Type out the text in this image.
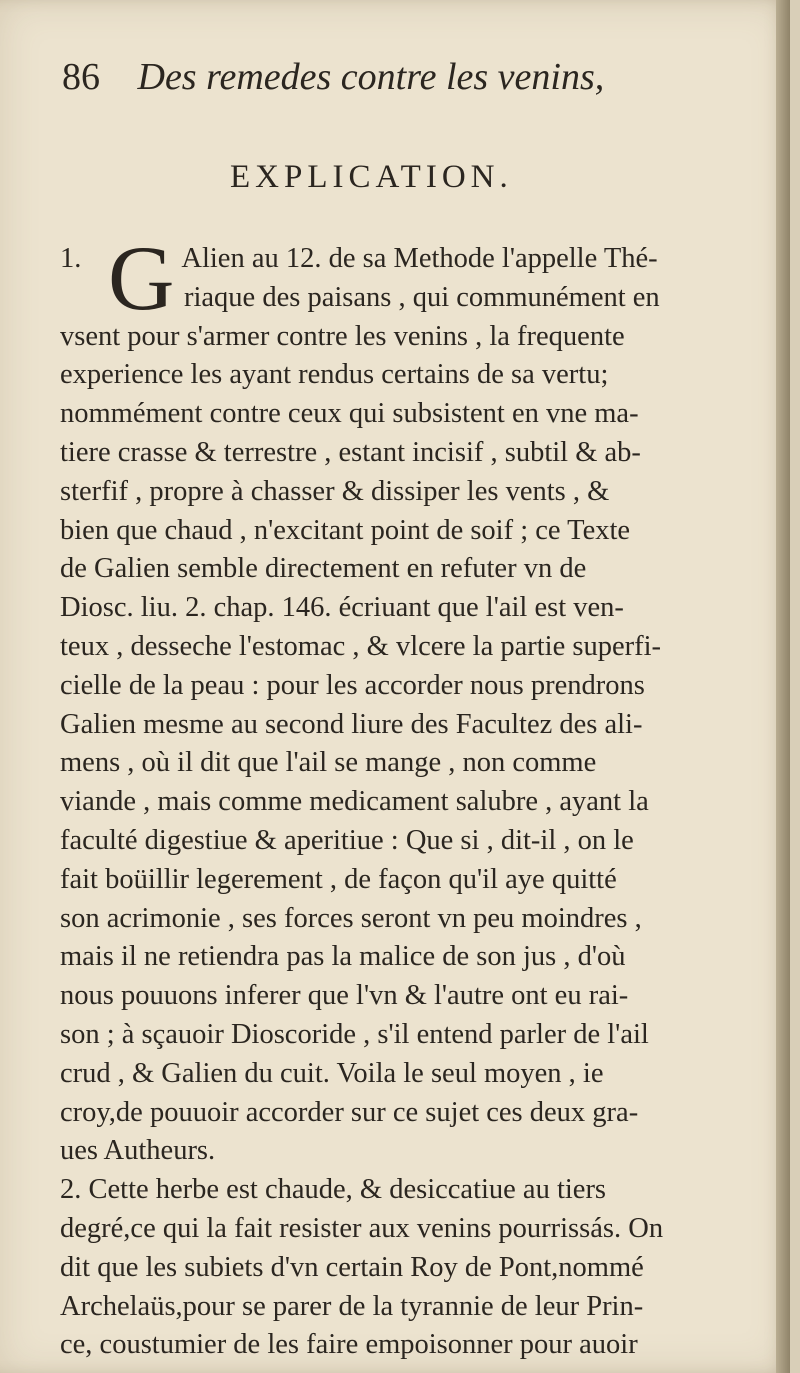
86 Des remedes contre les venins,
EXPLICATION.
G
1.	Alien au 12. de sa Methode l'appelle Thé-
riaque des paisans , qui communément en
vsent pour s'armer contre les venins , la frequente
experience les ayant rendus certains de sa vertu;
nommément contre ceux qui subsistent en vne ma-
tiere crasse & terrestre , estant incisif , subtil & ab-
sterfif , propre à chasser & dissiper les vents , &
bien que chaud , n'excitant point de soif ; ce Texte
de Galien semble directement en refuter vn de
Diosc. liu. 2. chap. 146. écriuant que l'ail est ven-
teux , desseche l'estomac , & vlcere la partie superfi-
cielle de la peau : pour les accorder nous prendrons
Galien mesme au second liure des Facultez des ali-
mens , où il dit que l'ail se mange , non comme
viande , mais comme medicament salubre , ayant la
faculté digestiue & aperitiue : Que si , dit-il , on le
fait boüillir legerement , de façon qu'il aye quitté
son acrimonie , ses forces seront vn peu moindres ,
mais il ne retiendra pas la malice de son jus , d'où
nous pouuons inferer que l'vn & l'autre ont eu rai-
son ; à sçauoir Dioscoride , s'il entend parler de l'ail
crud , & Galien du cuit. Voila le seul moyen , ie
croy,de pouuoir accorder sur ce sujet ces deux gra-
ues Autheurs.
2. Cette herbe est chaude, & desiccatiue au tiers
degré,ce qui la fait resister aux venins pourrissás. On
dit que les subiets d'vn certain Roy de Pont,nommé
Archelaüs,pour se parer de la tyrannie de leur Prin-
ce, coustumier de les faire empoisonner pour auoir
